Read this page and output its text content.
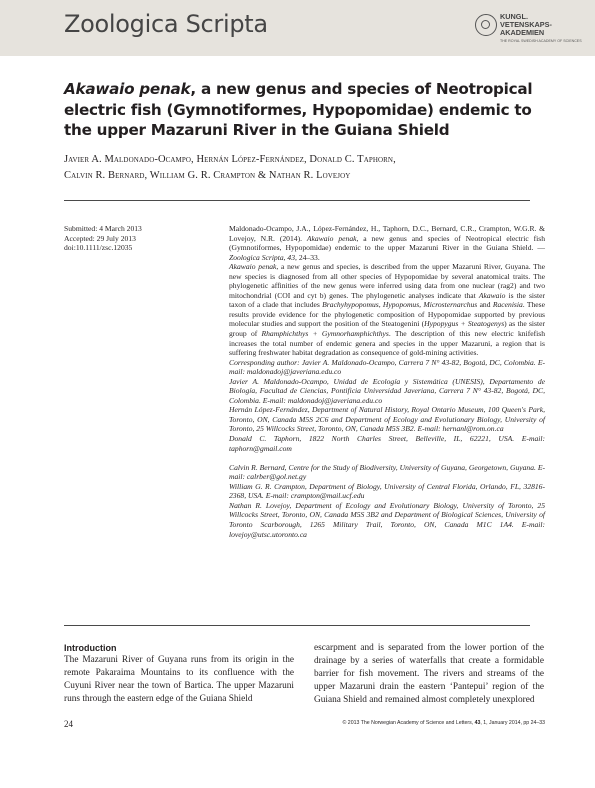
Zoologica Scripta	KUNGL.
VETENSKAPS-
AKADEMIEN
THE ROYAL SWEDISH ACADEMY OF SCIENCES
Akawaio penak, a new genus and species of Neotropical electric fish (Gymnotiformes, Hypopomidae) endemic to the upper Mazaruni River in the Guiana Shield
Javier A. Maldonado-Ocampo, Hernán López-Fernández, Donald C. Taphorn,
Calvin R. Bernard, William G. R. Crampton & Nathan R. Lovejoy
Submitted: 4 March 2013
Accepted: 29 July 2013
doi:10.1111/zsc.12035

Maldonado-Ocampo, J.A., López-Fernández, H., Taphorn, D.C., Bernard, C.R., Crampton, W.G.R. & Lovejoy, N.R. (2014). Akawaio penak, a new genus and species of Neotropical electric fish (Gymnotiformes, Hypopomidae) endemic to the upper Mazaruni River in the Guiana Shield. —Zoologica Scripta, 43, 24–33.

Akawaio penak, a new genus and species, is described from the upper Mazaruni River, Guyana. The new species is diagnosed from all other species of Hypopomidae by several anatomical traits. The phylogenetic affinities of the new genus were inferred using data from one nuclear (rag2) and two mitochondrial (COI and cyt b) genes. The phylogenetic analyses indicate that Akawaio is the sister taxon of a clade that includes Brachyhypopomus, Hypopomus, Microsternarchus and Racenisia. These results provide evidence for the phylogenetic composition of Hypopomidae supported by previous molecular studies and support the position of the Steatogenini (Hypopygus + Steatogenys) as the sister group of Rhamphichthys + Gymnorhamphichthys. The description of this new electric knifefish increases the total number of endemic genera and species in the upper Mazaruni, a region that is suffering freshwater habitat degradation as consequence of gold-mining activities.

Corresponding author: Javier A. Maldonado-Ocampo, Carrera 7 N° 43-82, Bogotá, DC, Colombia. E-mail: maldonadoj@javeriana.edu.co

Javier A. Maldonado-Ocampo, Unidad de Ecología y Sistemática (UNESIS), Departamento de Biología, Facultad de Ciencias, Pontificia Universidad Javeriana, Carrera 7 N° 43-82, Bogotá, DC, Colombia. E-mail: maldonadoj@javeriana.edu.co

Hernán López-Fernández, Department of Natural History, Royal Ontario Museum, 100 Queen's Park, Toronto, ON, Canada M5S 2C6 and Department of Ecology and Evolutionary Biology, University of Toronto, 25 Willcocks Street, Toronto, ON, Canada M5S 3B2. E-mail: hernanl@rom.on.ca

Donald C. Taphorn, 1822 North Charles Street, Belleville, IL, 62221, USA. E-mail: taphorn@gmail.com

Calvin R. Bernard, Centre for the Study of Biodiversity, University of Guyana, Georgetown, Guyana. E-mail: calrber@gol.net.gy

William G. R. Crampton, Department of Biology, University of Central Florida, Orlando, FL, 32816-2368, USA. E-mail: crampton@mail.ucf.edu

Nathan R. Lovejoy, Department of Ecology and Evolutionary Biology, University of Toronto, 25 Willcocks Street, Toronto, ON, Canada M5S 3B2 and Department of Biological Sciences, University of Toronto Scarborough, 1265 Military Trail, Toronto, ON, Canada M1C 1A4. E-mail: lovejoy@utsc.utoronto.ca

Introduction

The Mazaruni River of Guyana runs from its origin in the remote Pakaraima Mountains to its confluence with the Cuyuni River near the town of Bartica. The upper Mazaruni runs through the eastern edge of the Guiana Shield

escarpment and is separated from the lower portion of the drainage by a series of waterfalls that create a formidable barrier for fish movement. The rivers and streams of the upper Mazaruni drain the eastern ‘Pantepui’ region of the Guiana Shield and remained almost completely unexplored

24	© 2013 The Norwegian Academy of Science and Letters, 43, 1, January 2014, pp 24–33
